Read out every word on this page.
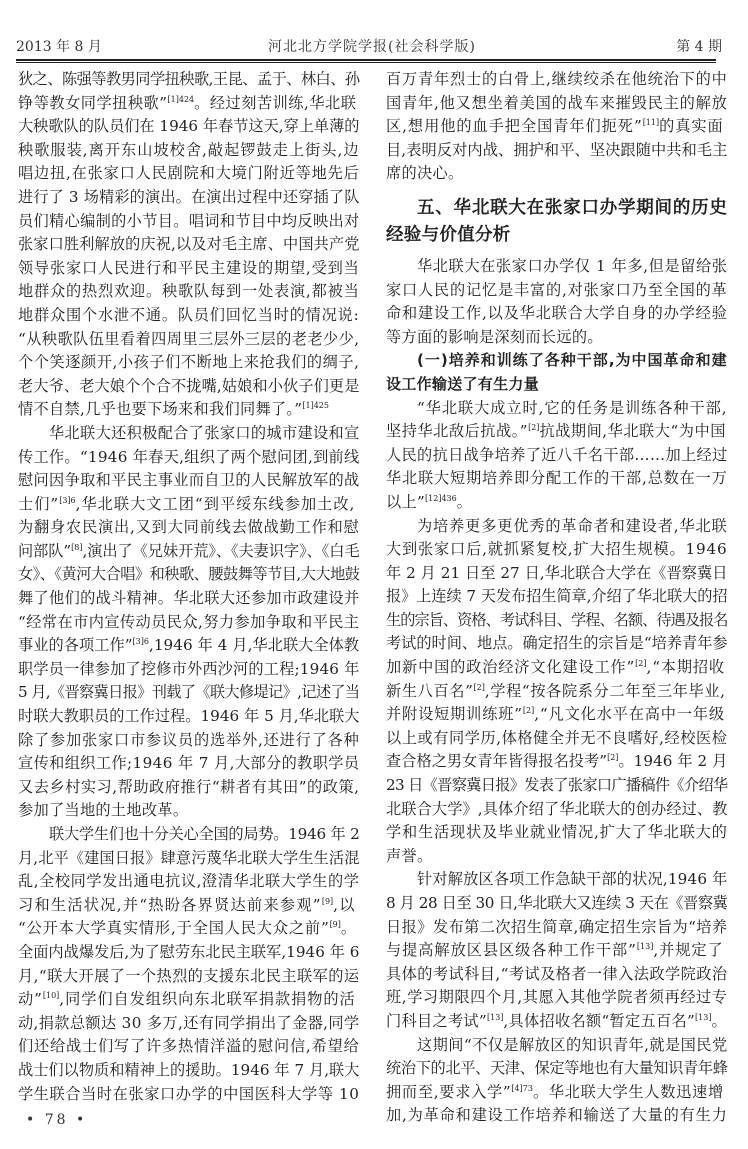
2013 年 8 月	河北北方学院学报(社会科学版)	第 4 期
狄之、陈强等教男同学扭秧歌,王昆、孟于、林白、孙
铮等教女同学扭秧歌”$^{[1]424}$。经过刻苦训练,华北联
大秧歌队的队员们在 1946 年春节这天,穿上单薄的
秧歌服装,离开东山坡校舍,敲起锣鼓走上街头,边
唱边扭,在张家口人民剧院和大境门附近等地先后
进行了 3 场精彩的演出。在演出过程中还穿插了队
员们精心编制的小节目。唱词和节目中均反映出对
张家口胜利解放的庆祝,以及对毛主席、中国共产党
领导张家口人民进行和平民主建设的期望,受到当
地群众的热烈欢迎。秧歌队每到一处表演,都被当
地群众围个水泄不通。队员们回忆当时的情况说:
“从秧歌队伍里看着四周里三层外三层的老老少少,
个个笑逐颜开,小孩子们不断地上来抢我们的绸子,
老大爷、老大娘个个合不拢嘴,姑娘和小伙子们更是
情不自禁,几乎也要下场来和我们同舞了。”$^{[1]425}$
华北联大还积极配合了张家口的城市建设和宣
传工作。“1946 年春天,组织了两个慰问团,到前线
慰问因争取和平民主事业而自卫的人民解放军的战
士们”$^{[3]6}$,华北联大文工团“到平绥东线参加土改,
为翻身农民演出,又到大同前线去做战勤工作和慰
问部队”[8],演出了《兄妹开荒》、《夫妻识字》、《白毛
女》、《黄河大合唱》和秧歌、腰鼓舞等节目,大大地鼓
舞了他们的战斗精神。华北联大还参加市政建设并
“经常在市内宣传动员民众,努力参加争取和平民主
事业的各项工作”$^{[3]6}$,1946 年 4 月,华北联大全体教
职学员一律参加了挖修市外西沙河的工程;1946 年
5 月,《晋察冀日报》刊载了《联大修堤记》,记述了当
时联大教职员的工作过程。1946 年 5 月,华北联大
除了参加张家口市参议员的选举外,还进行了各种
宣传和组织工作;1946 年 7 月,大部分的教职学员
又去乡村实习,帮助政府推行“耕者有其田”的政策,
参加了当地的土地改革。
联大学生们也十分关心全国的局势。1946 年 2
月,北平《建国日报》肆意污蔑华北联大学生生活混
乱,全校同学发出通电抗议,澄清华北联大学生的学
习和生活状况,并“热盼各界贤达前来参观”[9],以
“公开本大学真实情形,于全国人民大众之前”[9]。
全面内战爆发后,为了慰劳东北民主联军,1946 年 6
月,“联大开展了一个热烈的支援东北民主联军的运
动”[10],同学们自发组织向东北联军捐款捐物的活
动,捐款总额达 30 多万,还有同学捐出了金器,同学
们还给战士们写了许多热情洋溢的慰问信,希望给
战士们以物质和精神上的援助。1946 年 7 月,联大
学生联合当时在张家口办学的中国医科大学等 10
百万青年烈士的白骨上,继续绞杀在他统治下的中
国青年,他又想坐着美国的战车来摧毁民主的解放
区,想用他的血手把全国青年们扼死”[11]的真实面
目,表明反对内战、拥护和平、坚决跟随中共和毛主
席的决心。
五、华北联大在张家口办学期间的历史
经验与价值分析
华北联大在张家口办学仅 1 年多,但是留给张
家口人民的记忆是丰富的,对张家口乃至全国的革
命和建设工作,以及华北联合大学自身的办学经验
等方面的影响是深刻而长远的。
(一)培养和训练了各种干部,为中国革命和建
设工作输送了有生力量
“华北联大成立时,它的任务是训练各种干部,
坚持华北敌后抗战。”[2]抗战期间,华北联大“为中国
人民的抗日战争培养了近八千名干部……加上经过
华北联大短期培养即分配工作的干部,总数在一万
以上”$^{[12]436}$。
为培养更多更优秀的革命者和建设者,华北联
大到张家口后,就抓紧复校,扩大招生规模。1946
年 2 月 21 日至 27 日,华北联合大学在《晋察冀日
报》上连续 7 天发布招生简章,介绍了华北联大的招
生的宗旨、资格、考试科目、学程、名额、待遇及报名
考试的时间、地点。确定招生的宗旨是“培养青年参
加新中国的政治经济文化建设工作”[2],“本期招收
新生八百名”[2],学程“按各院系分二年至三年毕业,
并附设短期训练班”[2],“凡文化水平在高中一年级
以上或有同学历,体格健全并无不良嗜好,经校医检
查合格之男女青年皆得报名投考”[2]。1946 年 2 月
23 日《晋察冀日报》发表了张家口广播稿件《介绍华
北联合大学》,具体介绍了华北联大的创办经过、教
学和生活现状及毕业就业情况,扩大了华北联大的
声誉。
针对解放区各项工作急缺干部的状况,1946 年
8 月 28 日至 30 日,华北联大又连续 3 天在《晋察冀
日报》发布第二次招生简章,确定招生宗旨为“培养
与提高解放区县区级各种工作干部”[13],并规定了
具体的考试科目,“考试及格者一律入法政学院政治
班,学习期限四个月,其愿入其他学院者须再经过专
门科目之考试”[13],具体招收名额“暂定五百名”[13]。
这期间“不仅是解放区的知识青年,就是国民党
统治下的北平、天津、保定等地也有大量知识青年蜂
拥而至,要求入学”$^{[4]73}$。华北联大学生人数迅速增
加,为革命和建设工作培养和输送了大量的有生力
• 78 •
